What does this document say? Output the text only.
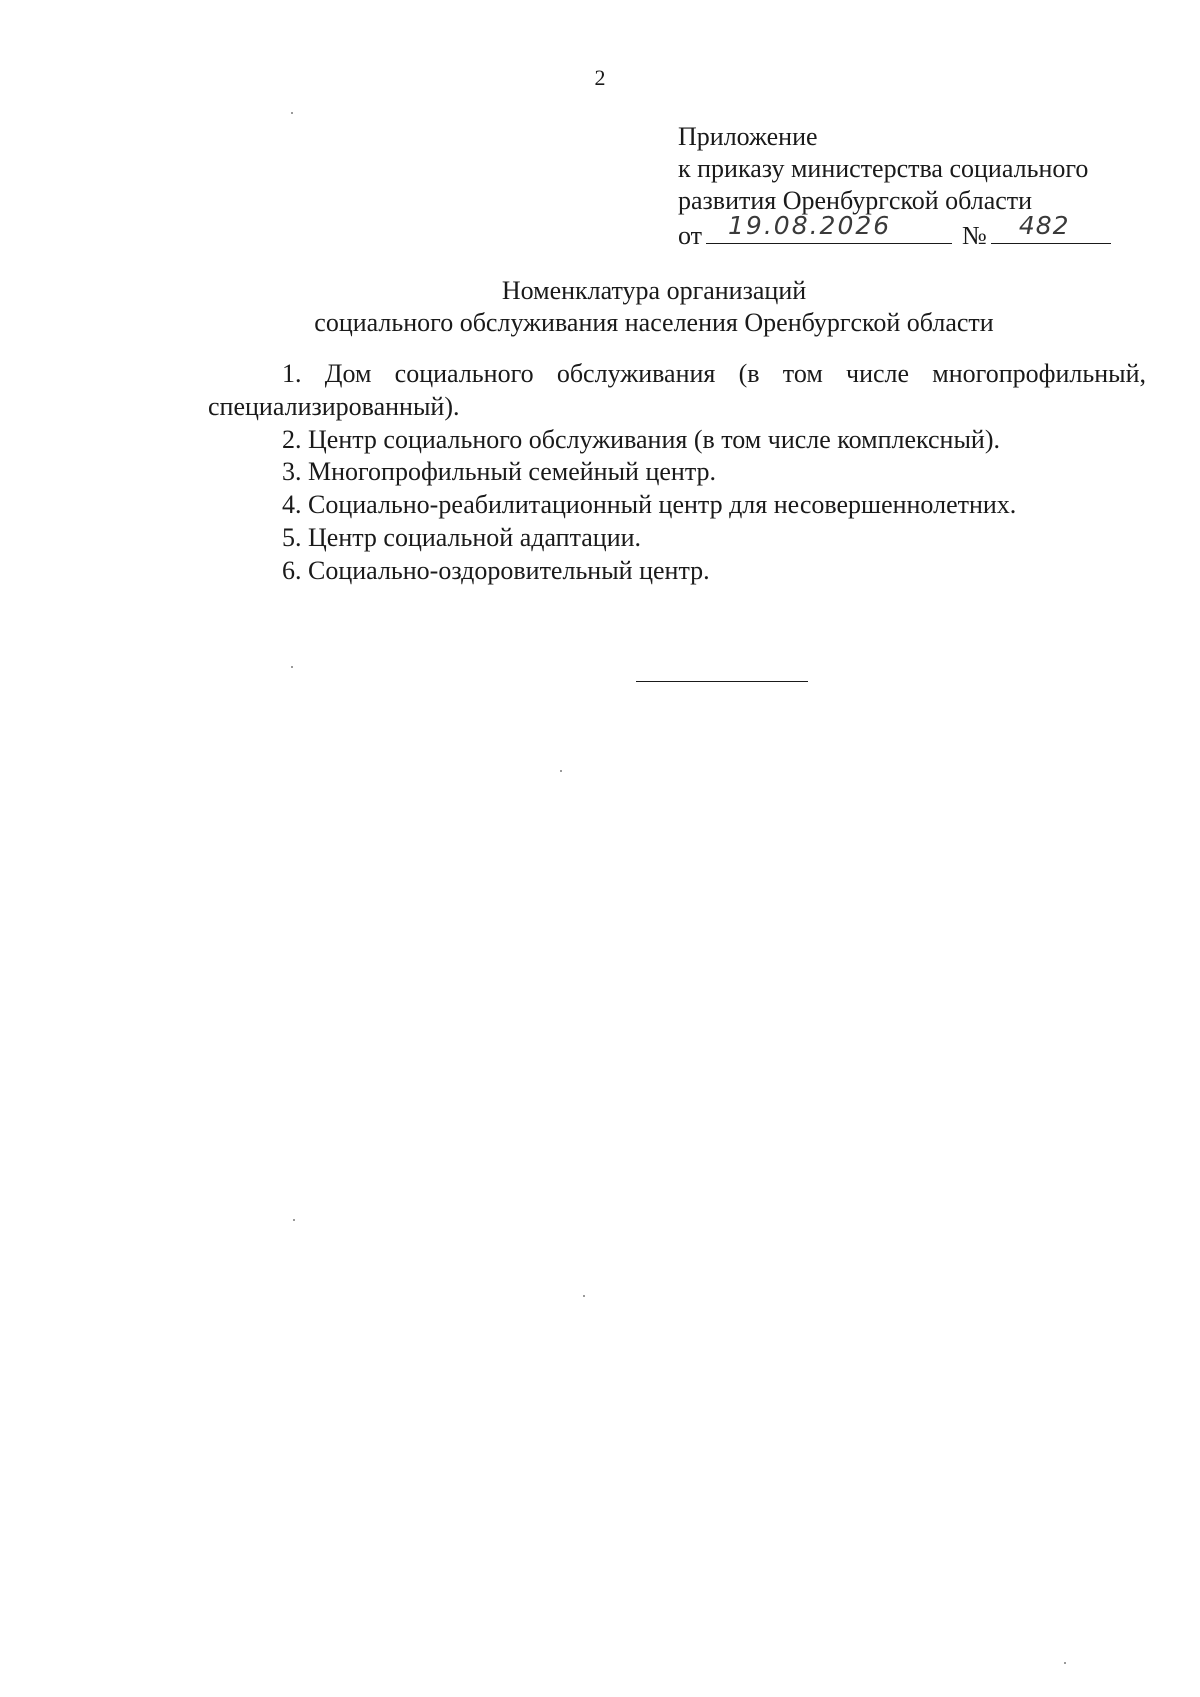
2
Приложение
к приказу министерства социального
развития Оренбургской области
от 19.08.2026	№ 482
Номенклатура организаций
социального обслуживания населения Оренбургской области
1. Дом социального обслуживания (в том числе многопрофильный, специализированный).
2. Центр социального обслуживания (в том числе комплексный).
3. Многопрофильный семейный центр.
4. Социально-реабилитационный центр для несовершеннолетних.
5. Центр социальной адаптации.
6. Социально-оздоровительный центр.
